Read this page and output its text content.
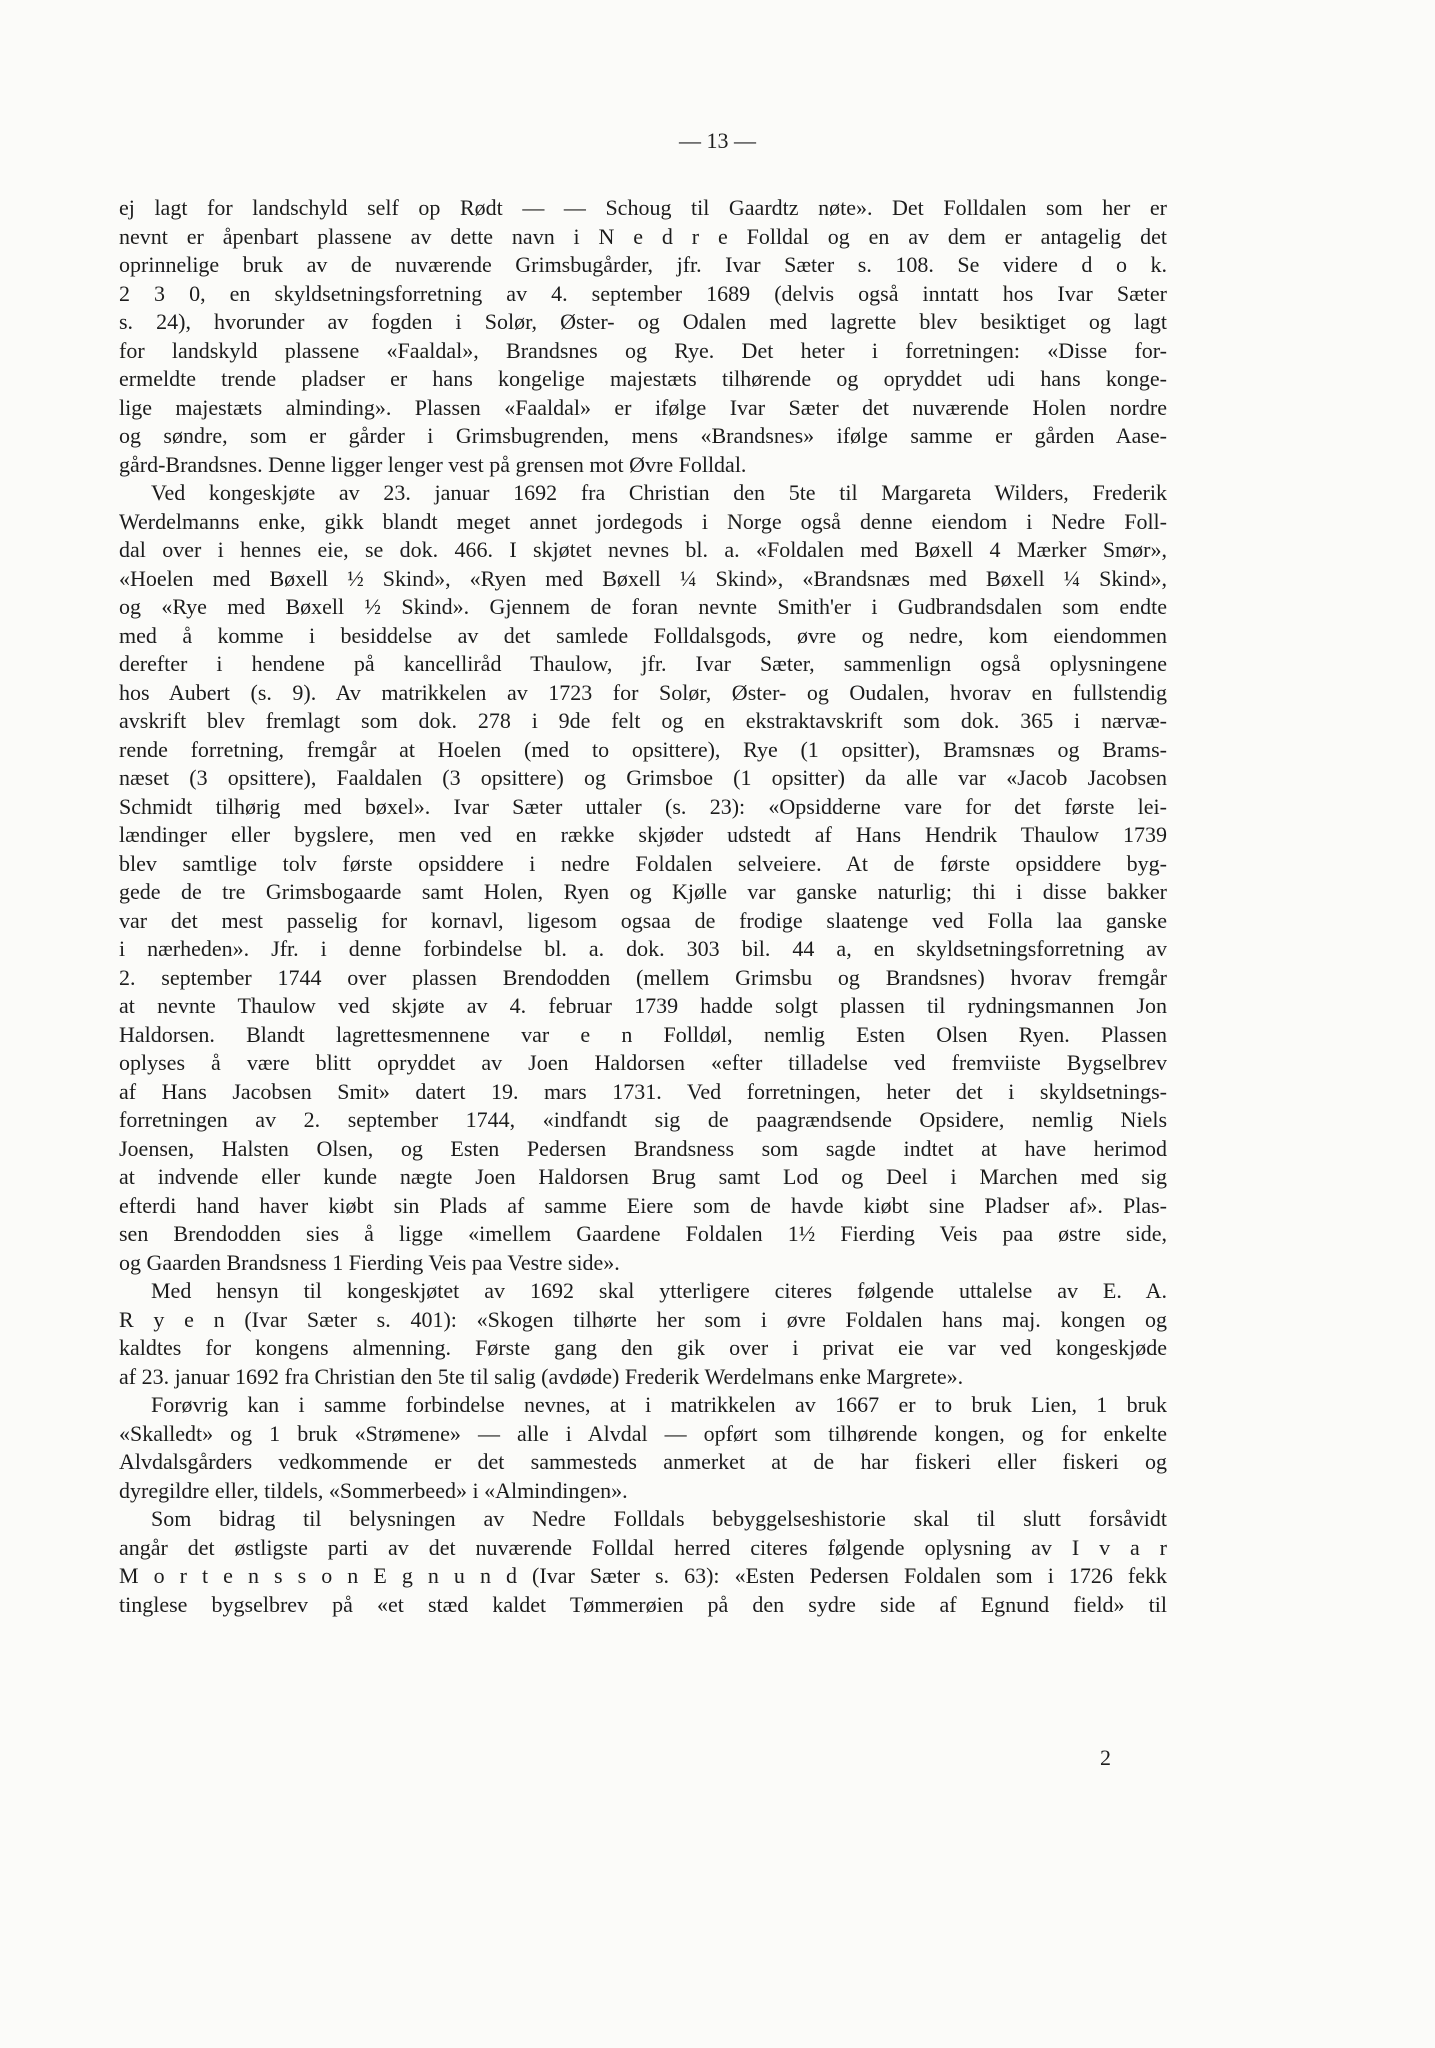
— 13 —
ej lagt for landschyld self op Rødt — — Schoug til Gaardtz nøte». Det Folldalen som her er
nevnt er åpenbart plassene av dette navn i N e d r e Folldal og en av dem er antagelig det
oprinnelige bruk av de nuværende Grimsbugårder, jfr. Ivar Sæter s. 108. Se videre d o k.
2 3 0, en skyldsetningsforretning av 4. september 1689 (delvis også inntatt hos Ivar Sæter
s. 24), hvorunder av fogden i Solør, Øster- og Odalen med lagrette blev besiktiget og lagt
for landskyld plassene «Faaldal», Brandsnes og Rye. Det heter i forretningen: «Disse for-
ermeldte trende pladser er hans kongelige majestæts tilhørende og opryddet udi hans konge-
lige majestæts alminding». Plassen «Faaldal» er ifølge Ivar Sæter det nuværende Holen nordre
og søndre, som er gårder i Grimsbugrenden, mens «Brandsnes» ifølge samme er gården Aase-
gård-Brandsnes. Denne ligger lenger vest på grensen mot Øvre Folldal.
Ved kongeskjøte av 23. januar 1692 fra Christian den 5te til Margareta Wilders, Frederik
Werdelmanns enke, gikk blandt meget annet jordegods i Norge også denne eiendom i Nedre Foll-
dal over i hennes eie, se dok. 466. I skjøtet nevnes bl. a. «Foldalen med Bøxell 4 Mærker Smør»,
«Hoelen med Bøxell ½ Skind», «Ryen med Bøxell ¼ Skind», «Brandsnæs med Bøxell ¼ Skind»,
og «Rye med Bøxell ½ Skind». Gjennem de foran nevnte Smith'er i Gudbrandsdalen som endte
med å komme i besiddelse av det samlede Folldalsgods, øvre og nedre, kom eiendommen
derefter i hendene på kancelliråd Thaulow, jfr. Ivar Sæter, sammenlign også oplysningene
hos Aubert (s. 9). Av matrikkelen av 1723 for Solør, Øster- og Oudalen, hvorav en fullstendig
avskrift blev fremlagt som dok. 278 i 9de felt og en ekstraktavskrift som dok. 365 i nærvæ-
rende forretning, fremgår at Hoelen (med to opsittere), Rye (1 opsitter), Bramsnæs og Brams-
næset (3 opsittere), Faaldalen (3 opsittere) og Grimsboe (1 opsitter) da alle var «Jacob Jacobsen
Schmidt tilhørig med bøxel». Ivar Sæter uttaler (s. 23): «Opsidderne vare for det første lei-
lændinger eller bygslere, men ved en række skjøder udstedt af Hans Hendrik Thaulow 1739
blev samtlige tolv første opsiddere i nedre Foldalen selveiere. At de første opsiddere byg-
gede de tre Grimsbogaarde samt Holen, Ryen og Kjølle var ganske naturlig; thi i disse bakker
var det mest passelig for kornavl, ligesom ogsaa de frodige slaatenge ved Folla laa ganske
i nærheden». Jfr. i denne forbindelse bl. a. dok. 303 bil. 44 a, en skyldsetningsforretning av
2. september 1744 over plassen Brendodden (mellem Grimsbu og Brandsnes) hvorav fremgår
at nevnte Thaulow ved skjøte av 4. februar 1739 hadde solgt plassen til rydningsmannen Jon
Haldorsen. Blandt lagrettesmennene var e n Folldøl, nemlig Esten Olsen Ryen. Plassen
oplyses å være blitt opryddet av Joen Haldorsen «efter tilladelse ved fremviiste Bygselbrev
af Hans Jacobsen Smit» datert 19. mars 1731. Ved forretningen, heter det i skyldsetnings-
forretningen av 2. september 1744, «indfandt sig de paagrændsende Opsidere, nemlig Niels
Joensen, Halsten Olsen, og Esten Pedersen Brandsness som sagde indtet at have herimod
at indvende eller kunde nægte Joen Haldorsen Brug samt Lod og Deel i Marchen med sig
efterdi hand haver kiøbt sin Plads af samme Eiere som de havde kiøbt sine Pladser af». Plas-
sen Brendodden sies å ligge «imellem Gaardene Foldalen 1½ Fierding Veis paa østre side,
og Gaarden Brandsness 1 Fierding Veis paa Vestre side».
Med hensyn til kongeskjøtet av 1692 skal ytterligere citeres følgende uttalelse av E. A.
R y e n (Ivar Sæter s. 401): «Skogen tilhørte her som i øvre Foldalen hans maj. kongen og
kaldtes for kongens almenning. Første gang den gik over i privat eie var ved kongeskjøde
af 23. januar 1692 fra Christian den 5te til salig (avdøde) Frederik Werdelmans enke Margrete».
Forøvrig kan i samme forbindelse nevnes, at i matrikkelen av 1667 er to bruk Lien, 1 bruk
«Skalledt» og 1 bruk «Strømene» — alle i Alvdal — opført som tilhørende kongen, og for enkelte
Alvdalsgårders vedkommende er det sammesteds anmerket at de har fiskeri eller fiskeri og
dyregildre eller, tildels, «Sommerbeed» i «Almindingen».
Som bidrag til belysningen av Nedre Folldals bebyggelseshistorie skal til slutt forsåvidt
angår det østligste parti av det nuværende Folldal herred citeres følgende oplysning av I v a r
M o r t e n s s o n E g n u n d (Ivar Sæter s. 63): «Esten Pedersen Foldalen som i 1726 fekk
tinglese bygselbrev på «et stæd kaldet Tømmerøien på den sydre side af Egnund field» til
2
